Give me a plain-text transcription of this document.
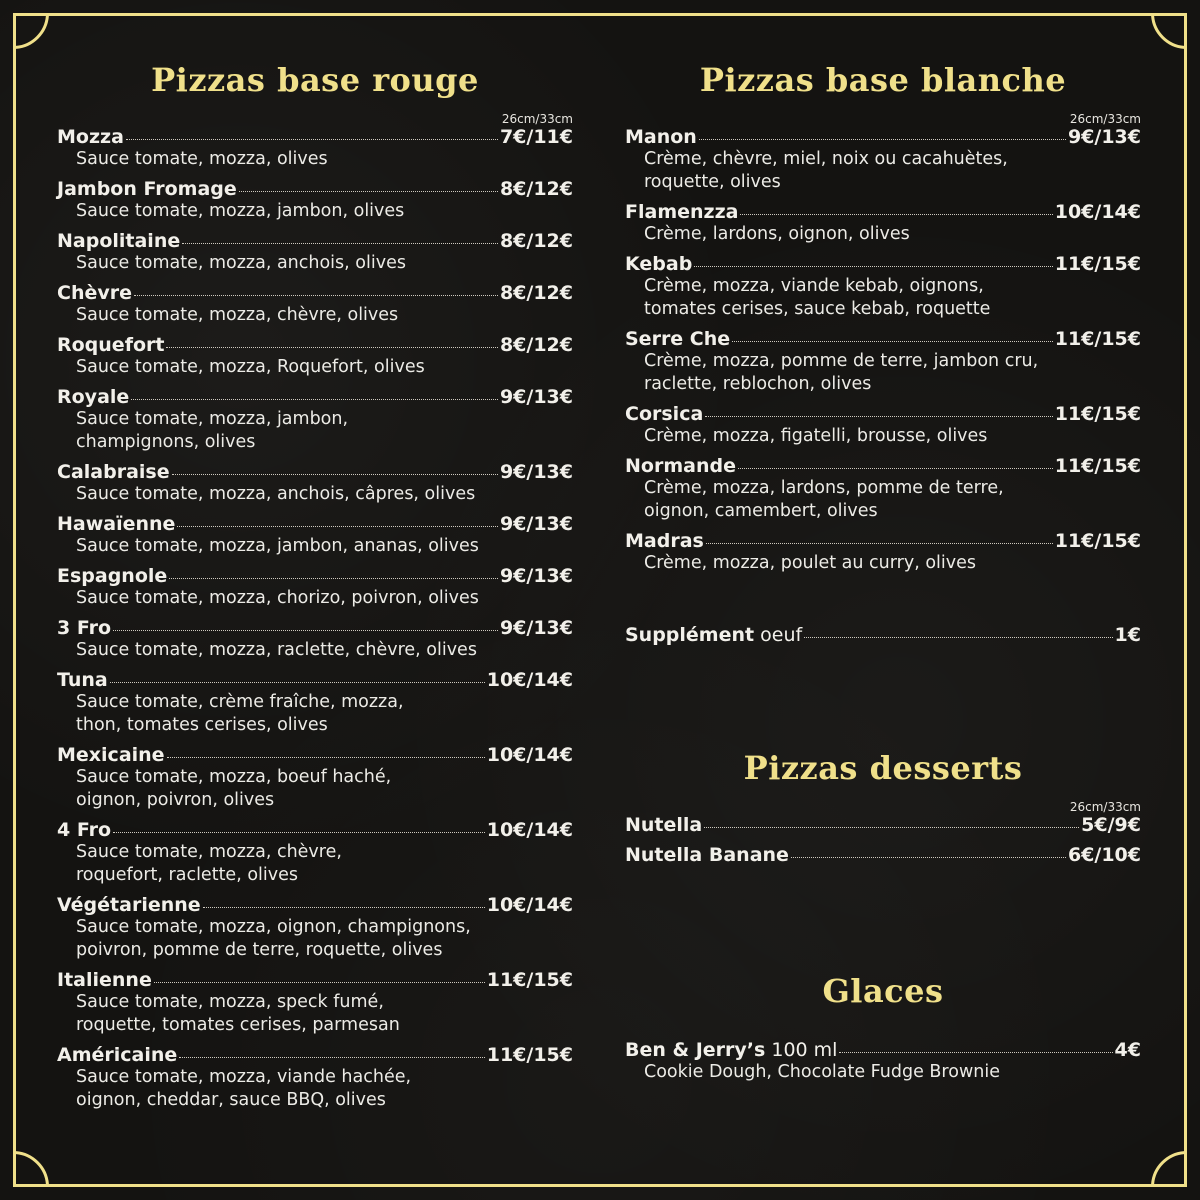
Pizzas base rouge
26cm/33cm
Mozza	7€/11€
Sauce tomate, mozza, olives
Jambon Fromage	8€/12€
Sauce tomate, mozza, jambon, olives
Napolitaine	8€/12€
Sauce tomate, mozza, anchois, olives
Chèvre	8€/12€
Sauce tomate, mozza, chèvre, olives
Roquefort	8€/12€
Sauce tomate, mozza, Roquefort, olives
Royale	9€/13€
Sauce tomate, mozza, jambon,
champignons, olives
Calabraise	9€/13€
Sauce tomate, mozza, anchois, câpres, olives
Hawaïenne	9€/13€
Sauce tomate, mozza, jambon, ananas, olives
Espagnole	9€/13€
Sauce tomate, mozza, chorizo, poivron, olives
3 Fro	9€/13€
Sauce tomate, mozza, raclette, chèvre, olives
Tuna	10€/14€
Sauce tomate, crème fraîche, mozza,
thon, tomates cerises, olives
Mexicaine	10€/14€
Sauce tomate, mozza, boeuf haché,
oignon, poivron, olives
4 Fro	10€/14€
Sauce tomate, mozza, chèvre,
roquefort, raclette, olives
Végétarienne	10€/14€
Sauce tomate, mozza, oignon, champignons,
poivron, pomme de terre, roquette, olives
Italienne	11€/15€
Sauce tomate, mozza, speck fumé,
roquette, tomates cerises, parmesan
Américaine	11€/15€
Sauce tomate, mozza, viande hachée,
oignon, cheddar, sauce BBQ, olives
Pizzas base blanche
26cm/33cm
Manon	9€/13€
Crème, chèvre, miel, noix ou cacahuètes,
roquette, olives
Flamenzza	10€/14€
Crème, lardons, oignon, olives
Kebab	11€/15€
Crème, mozza, viande kebab, oignons,
tomates cerises, sauce kebab, roquette
Serre Che	11€/15€
Crème, mozza, pomme de terre, jambon cru,
raclette, reblochon, olives
Corsica	11€/15€
Crème, mozza, figatelli, brousse, olives
Normande	11€/15€
Crème, mozza, lardons, pomme de terre,
oignon, camembert, olives
Madras	11€/15€
Crème, mozza, poulet au curry, olives
Supplément oeuf	1€
Pizzas desserts
26cm/33cm
Nutella	5€/9€
Nutella Banane	6€/10€
Glaces
Ben & Jerry’s 100 ml	4€
Cookie Dough, Chocolate Fudge Brownie
